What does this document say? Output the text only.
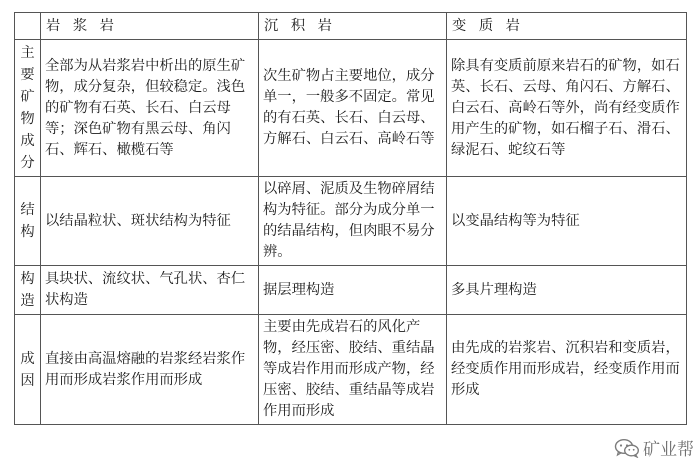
	岩 浆 岩	沉 积 岩	变 质 岩

主要矿物成分	全部为从岩浆岩中析出的原生矿物，成分复杂，但较稳定。浅色的矿物有石英、长石、白云母等；深色矿物有黑云母、角闪石、辉石、橄榄石等	次生矿物占主要地位，成分单一，一般多不固定。常见的有石英、长石、白云母、方解石、白云石、高岭石等	除具有变质前原来岩石的矿物，如石英、长石、云母、角闪石、方解石、白云石、高岭石等外，尚有经变质作用产生的矿物，如石榴子石、滑石、绿泥石、蛇纹石等

结构	以结晶粒状、斑状结构为特征	以碎屑、泥质及生物碎屑结构为特征。部分为成分单一的结晶结构，但肉眼不易分辨。	以变晶结构等为特征

构造	具块状、流纹状、气孔状、杏仁状构造	据层理构造	多具片理构造

成因	直接由高温熔融的岩浆经岩浆作用而形成岩浆作用而形成	主要由先成岩石的风化产物，经压密、胶结、重结晶等成岩作用而形成产物，经压密、胶结、重结晶等成岩作用而形成	由先成的岩浆岩、沉积岩和变质岩，经变质作用而形成岩，经变质作用而形成
矿业帮
